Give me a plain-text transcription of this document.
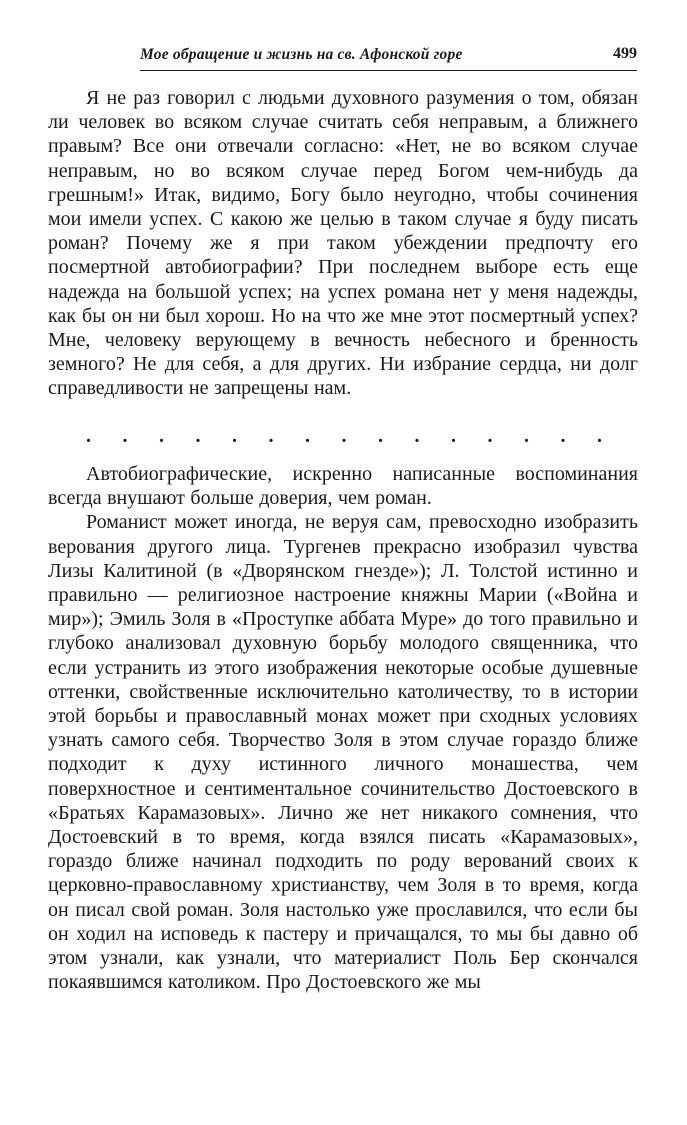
Мое обращение и жизнь на св. Афонской горе	499

Я не раз говорил с людьми духовного разумения о том, обязан ли человек во всяком случае считать себя неправым, а ближнего правым? Все они отвечали согласно: «Нет, не во всяком случае неправым, но во всяком случае перед Богом чем-нибудь да грешным!» Итак, видимо, Богу было неугодно, чтобы сочинения мои имели успех. С какою же целью в таком случае я буду писать роман? Почему же я при таком убеждении предпочту его посмертной автобиографии? При последнем выборе есть еще надежда на большой успех; на успех романа нет у меня надежды, как бы он ни был хорош. Но на что же мне этот посмертный успех? Мне, человеку верующему в вечность небесного и бренность земного? Не для себя, а для других. Ни избрание сердца, ни долг справедливости не запрещены нам.

. . . . . . . . . . . . . . .

Автобиографические, искренно написанные воспоминания всегда внушают больше доверия, чем роман.

Романист может иногда, не веруя сам, превосходно изобразить верования другого лица. Тургенев прекрасно изобразил чувства Лизы Калитиной (в «Дворянском гнезде»); Л. Толстой истинно и правильно — религиозное настроение княжны Марии («Война и мир»); Эмиль Золя в «Проступке аббата Муре» до того правильно и глубоко анализовал духовную борьбу молодого священника, что если устранить из этого изображения некоторые особые душевные оттенки, свойственные исключительно католичеству, то в истории этой борьбы и православный монах может при сходных условиях узнать самого себя. Творчество Золя в этом случае гораздо ближе подходит к духу истинного личного монашества, чем поверхностное и сентиментальное сочинительство Достоевского в «Братьях Карамазовых». Лично же нет никакого сомнения, что Достоевский в то время, когда взялся писать «Карамазовых», гораздо ближе начинал подходить по роду верований своих к церковно-православному христианству, чем Золя в то время, когда он писал свой роман. Золя настолько уже прославился, что если бы он ходил на исповедь к пастеру и причащался, то мы бы давно об этом узнали, как узнали, что материалист Поль Бер скончался покаявшимся католиком. Про Достоевского же мы
